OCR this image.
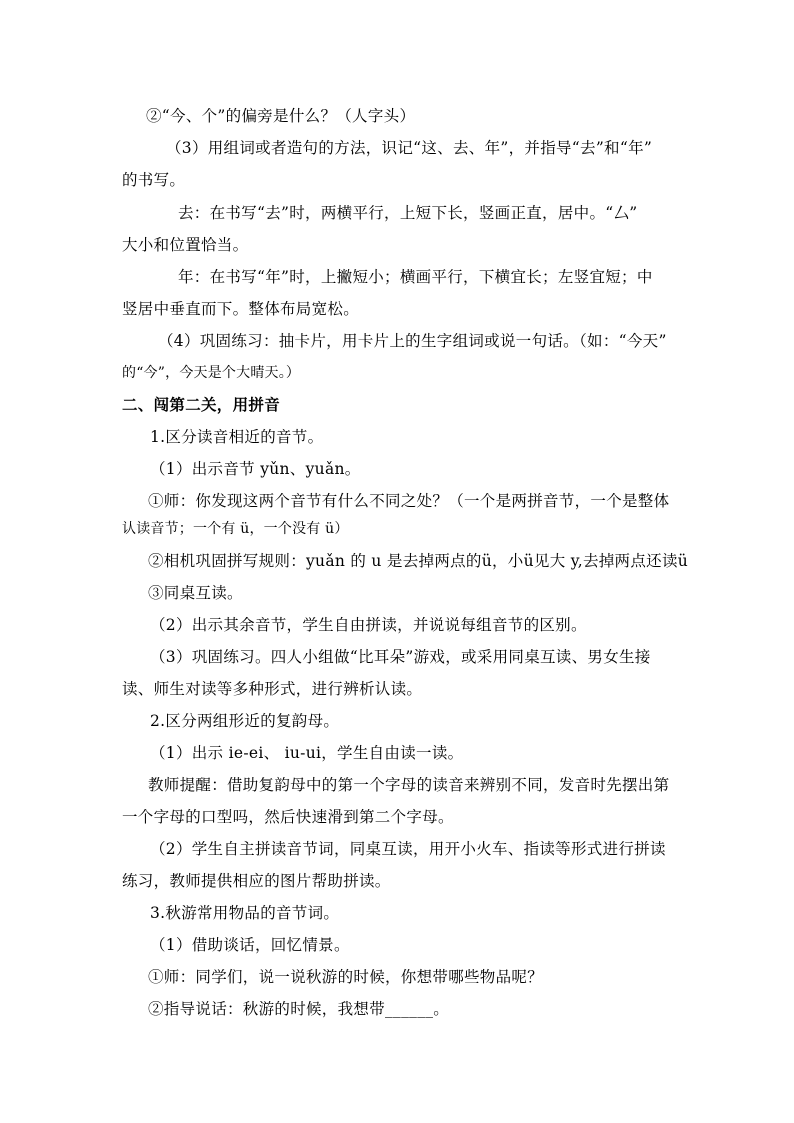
②“今、个”的偏旁是什么？（人字头）
（3）用组词或者造句的方法，识记“这、去、年”，并指导“去”和“年”
的书写。
去：在书写“去”时，两横平行，上短下长，竖画正直，居中。“厶”
大小和位置恰当。
年：在书写“年”时，上撇短小；横画平行，下横宜长；左竖宜短；中
竖居中垂直而下。整体布局宽松。
（4）巩固练习：抽卡片，用卡片上的生字组词或说一句话。（如：“今天”
的“今”，今天是个大晴天。）
二、闯第二关，用拼音
1.区分读音相近的音节。
（1）出示音节 yǔn、yuǎn。
①师：你发现这两个音节有什么不同之处？（一个是两拼音节，一个是整体
认读音节；一个有 ü，一个没有 ü）
②相机巩固拼写规则：yuǎn 的 u 是去掉两点的ü，小ü见大 y,去掉两点还读ü
③同桌互读。
（2）出示其余音节，学生自由拼读，并说说每组音节的区别。
（3）巩固练习。四人小组做“比耳朵”游戏，或采用同桌互读、男女生接
读、师生对读等多种形式，进行辨析认读。
2.区分两组形近的复韵母。
（1）出示 ie-ei、 iu-ui，学生自由读一读。
教师提醒：借助复韵母中的第一个字母的读音来辨别不同，发音时先摆出第
一个字母的口型吗，然后快速滑到第二个字母。
（2）学生自主拼读音节词，同桌互读，用开小火车、指读等形式进行拼读
练习，教师提供相应的图片帮助拼读。
3.秋游常用物品的音节词。
（1）借助谈话，回忆情景。
①师：同学们，说一说秋游的时候，你想带哪些物品呢？
②指导说话：秋游的时候，我想带______。
